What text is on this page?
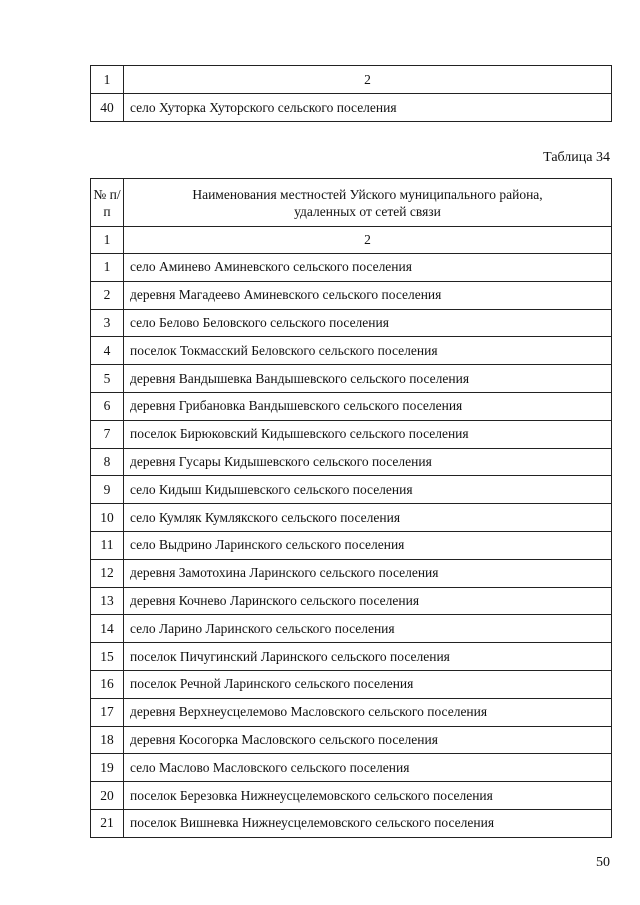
1	2
40	село Хуторка Хуторского сельского поселения
Таблица 34
№ п/п	Наименования местностей Уйского муниципального района, удаленных от сетей связи
1	2
1	село Аминево Аминевского сельского поселения
2	деревня Магадеево Аминевского сельского поселения
3	село Белово Беловского сельского поселения
4	поселок Токмасский Беловского сельского поселения
5	деревня Вандышевка Вандышевского сельского поселения
6	деревня Грибановка Вандышевского сельского поселения
7	поселок Бирюковский Кидышевского сельского поселения
8	деревня Гусары Кидышевского сельского поселения
9	село Кидыш Кидышевского сельского поселения
10	село Кумляк Кумлякского сельского поселения
11	село Выдрино Ларинского сельского поселения
12	деревня Замотохина Ларинского сельского поселения
13	деревня Кочнево Ларинского сельского поселения
14	село Ларино Ларинского сельского поселения
15	поселок Пичугинский Ларинского сельского поселения
16	поселок Речной Ларинского сельского поселения
17	деревня Верхнеусцелемово Масловского сельского поселения
18	деревня Косогорка Масловского сельского поселения
19	село Маслово Масловского сельского поселения
20	поселок Березовка Нижнеусцелемовского сельского поселения
21	поселок Вишневка Нижнеусцелемовского сельского поселения
50
